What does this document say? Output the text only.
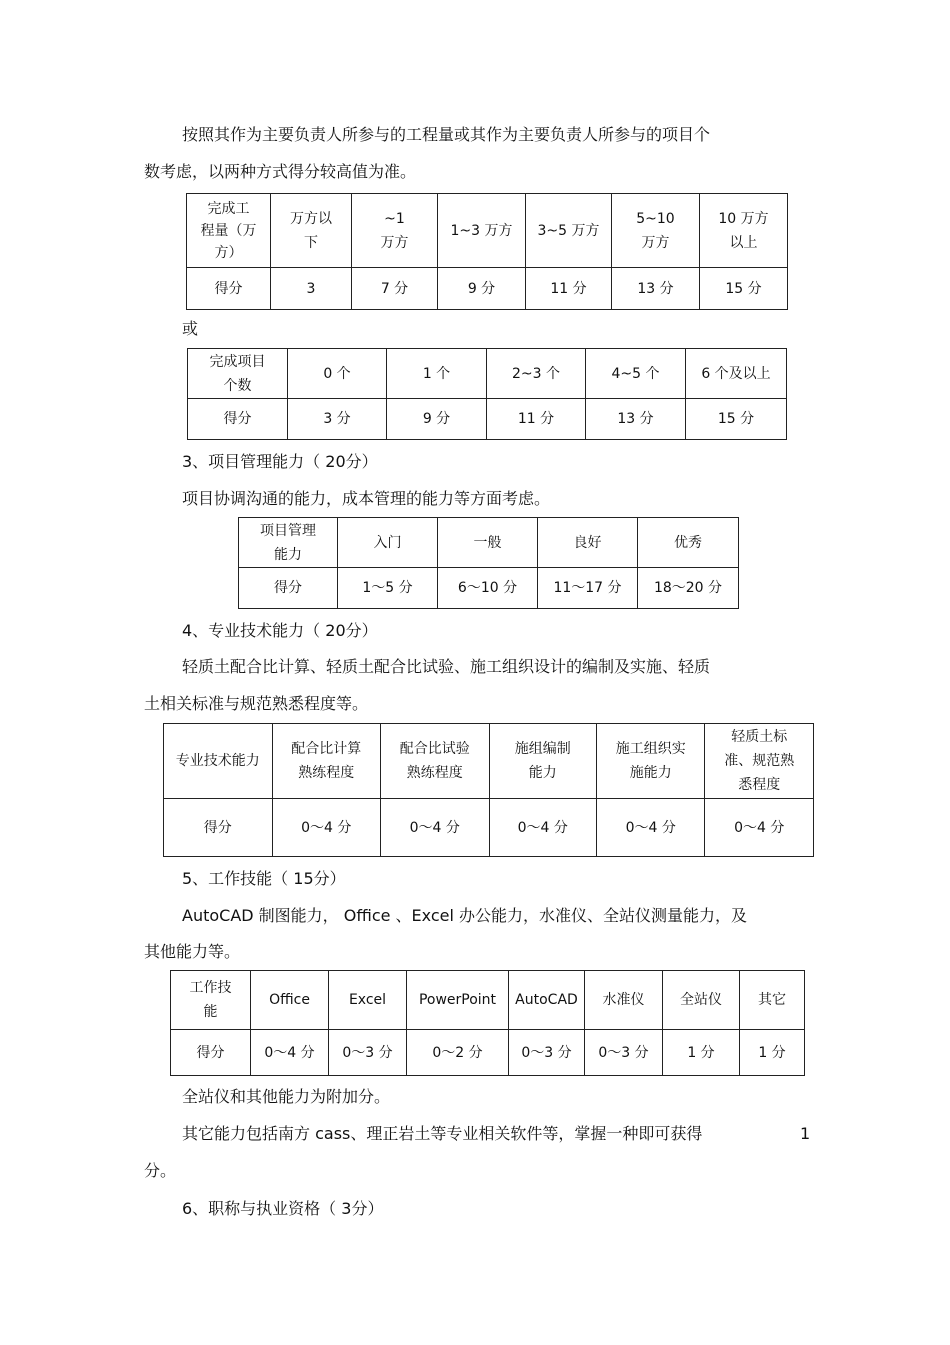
按照其作为主要负责人所参与的工程量或其作为主要负责人所参与的项目个

数考虑，以两种方式得分较高值为准。

完成工
程量（万
方）	万方以
下	~1
万方	1~3 万方	3~5 万方	5~10
万方	10 万方
以上
得分	3	7 分	9 分	11 分	13 分	15 分

或

完成项目
个数	0 个	1 个	2~3 个	4~5 个	6 个及以上
得分	3 分	9 分	11 分	13 分	15 分

3、项目管理能力（ 20分）

项目协调沟通的能力，成本管理的能力等方面考虑。

项目管理
能力	入门	一般	良好	优秀
得分	1～5 分	6～10 分	11～17 分	18～20 分

4、专业技术能力（ 20分）

轻质土配合比计算、轻质土配合比试验、施工组织设计的编制及实施、轻质

土相关标准与规范熟悉程度等。

专业技术能力	配合比计算
熟练程度	配合比试验
熟练程度	施组编制
能力	施工组织实
施能力	轻质土标
准、规范熟
悉程度
得分	0～4 分	0～4 分	0～4 分	0～4 分	0～4 分

5、工作技能（ 15分）

AutoCAD 制图能力， Office 、Excel 办公能力，水准仪、全站仪测量能力，及

其他能力等。

工作技
能	Office	Excel	PowerPoint	AutoCAD	水准仪	全站仪	其它
得分	0～4 分	0～3 分	0～2 分	0～3 分	0～3 分	1 分	1 分

全站仪和其他能力为附加分。

其它能力包括南方 cass、理正岩土等专业相关软件等，掌握一种即可获得	1

分。

6、职称与执业资格（ 3分）
